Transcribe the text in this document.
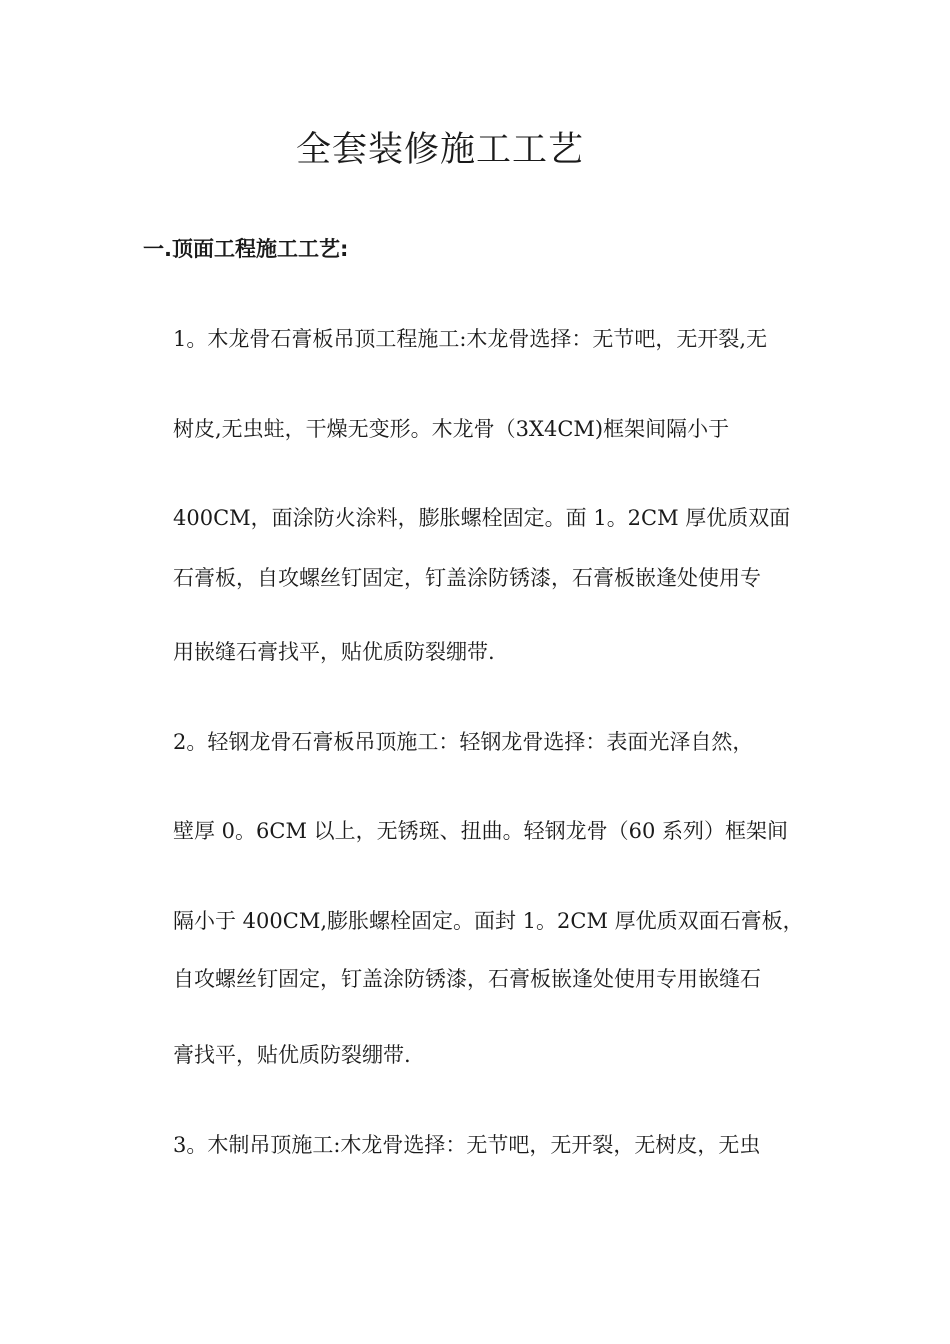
全套装修施工工艺
一.顶面工程施工工艺:

1。木龙骨石膏板吊顶工程施工:木龙骨选择：无节吧，无开裂,无

树皮,无虫蛀，干燥无变形。木龙骨（3X4CM)框架间隔小于

400CM，面涂防火涂料，膨胀螺栓固定。面 1。2CM 厚优质双面

石膏板，自攻螺丝钉固定，钉盖涂防锈漆，石膏板嵌逢处使用专

用嵌缝石膏找平，贴优质防裂绷带.

2。轻钢龙骨石膏板吊顶施工：轻钢龙骨选择：表面光泽自然，

壁厚 0。6CM 以上，无锈斑、扭曲。轻钢龙骨（60 系列）框架间

隔小于 400CM,膨胀螺栓固定。面封 1。2CM 厚优质双面石膏板，

自攻螺丝钉固定，钉盖涂防锈漆，石膏板嵌逢处使用专用嵌缝石

膏找平，贴优质防裂绷带.

3。木制吊顶施工:木龙骨选择：无节吧，无开裂，无树皮，无虫
